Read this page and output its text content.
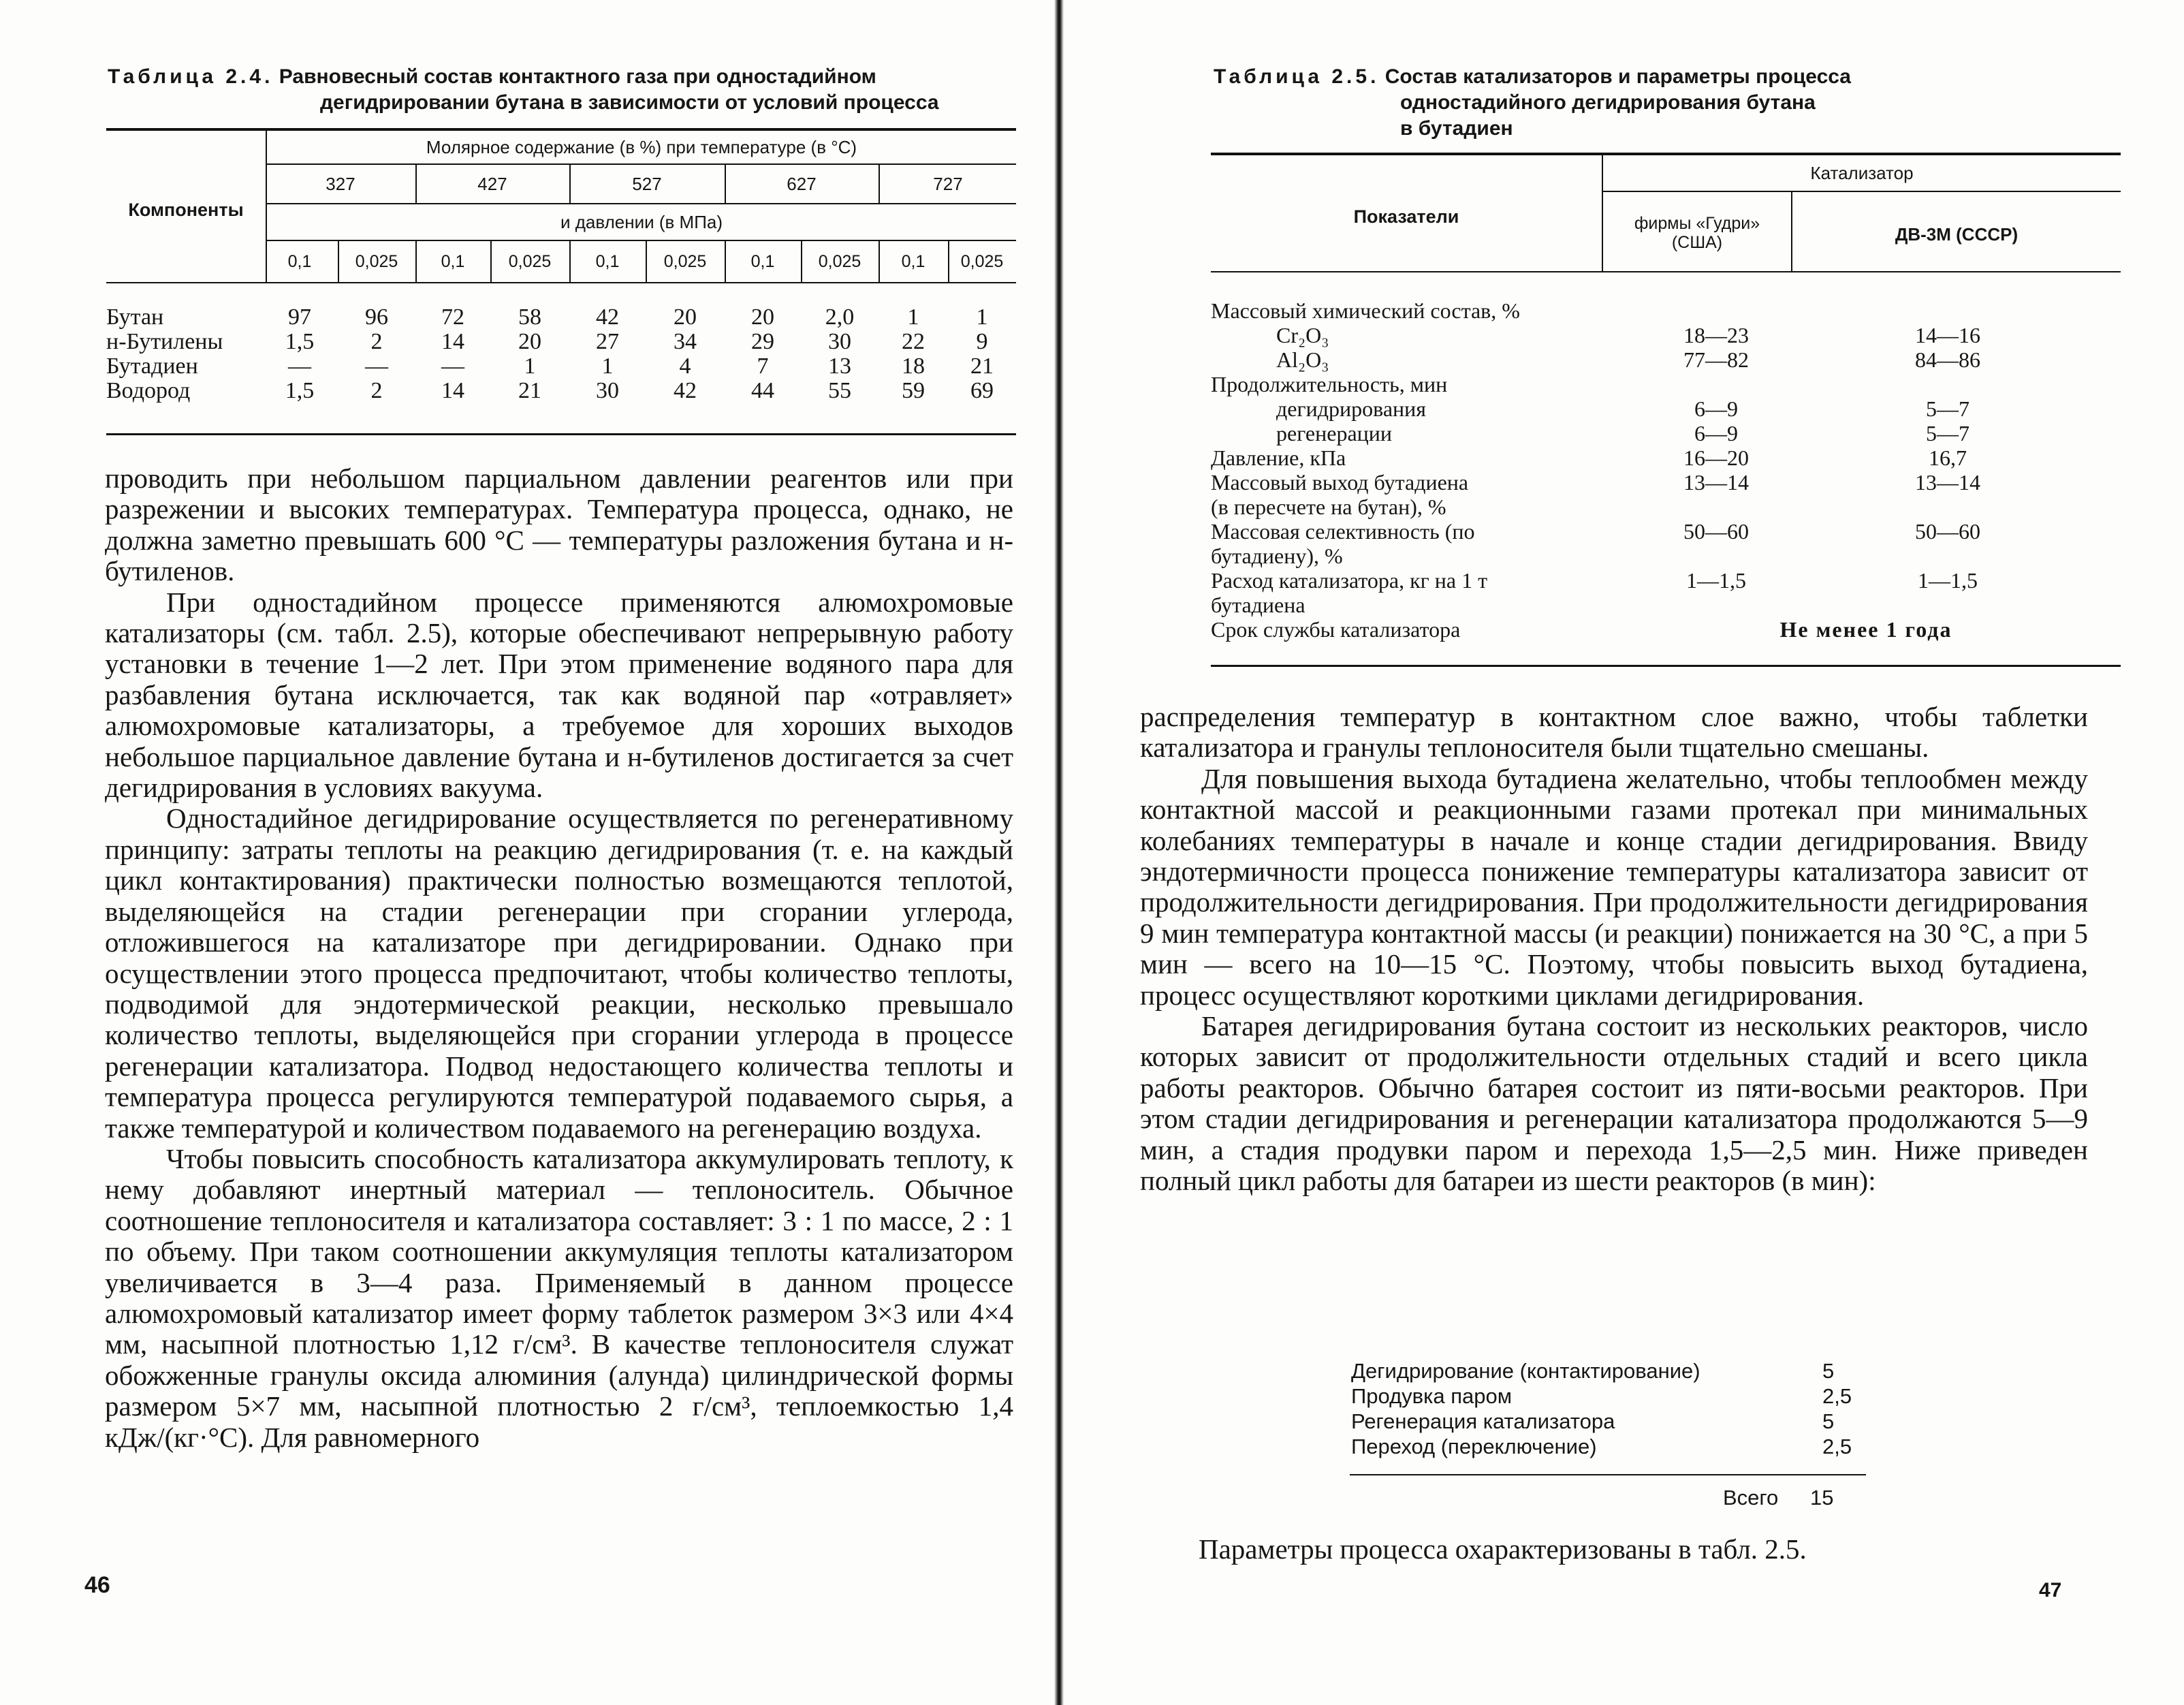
Таблица 2.4. Равновесный состав контактного газа при одностадийном
дегидрировании бутана в зависимости от условий процесса
Компоненты
Молярное содержание (в %) при температуре (в °С)
и давлении (в МПа)
327	427	527	627	727
0,1	0,025	0,1	0,025	0,1	0,025	0,1	0,025	0,1	0,025
Бутан	97	96	72	58	42	20	20	2,0	1	1
н-Бутилены	1,5	2	14	20	27	34	29	30	22	9
Бутадиен	—	—	—	1	1	4	7	13	18	21
Водород	1,5	2	14	21	30	42	44	55	59	69

проводить при небольшом парциальном давлении реагентов или при разрежении и высоких температурах. Температура процесса, однако, не должна заметно превышать 600 °С — температуры разложения бутана и н-бутиленов.

При одностадийном процессе применяются алюмохромовые катализаторы (см. табл. 2.5), которые обеспечивают непрерывную работу установки в течение 1—2 лет. При этом применение водяного пара для разбавления бутана исключается, так как водяной пар «отравляет» алюмохромовые катализаторы, а требуемое для хороших выходов небольшое парциальное давление бутана и н-бутиленов достигается за счет дегидрирования в условиях вакуума.

Одностадийное дегидрирование осуществляется по регенеративному принципу: затраты теплоты на реакцию дегидрирования (т. е. на каждый цикл контактирования) практически полностью возмещаются теплотой, выделяющейся на стадии регенерации при сгорании углерода, отложившегося на катализаторе при дегидрировании. Однако при осуществлении этого процесса предпочитают, чтобы количество теплоты, подводимой для эндотермической реакции, несколько превышало количество теплоты, выделяющейся при сгорании углерода в процессе регенерации катализатора. Подвод недостающего количества теплоты и температура процесса регулируются температурой подаваемого сырья, а также температурой и количеством подаваемого на регенерацию воздуха.

Чтобы повысить способность катализатора аккумулировать теплоту, к нему добавляют инертный материал — теплоноситель. Обычное соотношение теплоносителя и катализатора составляет: 3 : 1 по массе, 2 : 1 по объему. При таком соотношении аккумуляция теплоты катализатором увеличивается в 3—4 раза. Применяемый в данном процессе алюмохромовый катализатор имеет форму таблеток размером 3×3 или 4×4 мм, насыпной плотностью 1,12 г/см³. В качестве теплоносителя служат обожженные гранулы оксида алюминия (алунда) цилиндрической формы размером 5×7 мм, насыпной плотностью 2 г/см³, теплоемкостью 1,4 кДж/(кг·°С). Для равномерного

46
Таблица 2.5. Состав катализаторов и параметры процесса
одностадийного дегидрирования бутана
в бутадиен
Показатели
Катализатор
фирмы «Гудри» (США)	ДВ-3М (СССР)
Массовый химический состав, %
Cr₂O₃	18—23	14—16
Al₂O₃	77—82	84—86
Продолжительность, мин
дегидрирования	6—9	5—7
регенерации	6—9	5—7
Давление, кПа	16—20	16,7
Массовый выход бутадиена	13—14	13—14
(в пересчете на бутан), %
Массовая селективность (по	50—60	50—60
бутадиену), %
Расход катализатора, кг на 1 т	1—1,5	1—1,5
бутадиена
Срок службы катализатора	Не менее 1 года

распределения температур в контактном слое важно, чтобы таблетки катализатора и гранулы теплоносителя были тщательно смешаны.

Для повышения выхода бутадиена желательно, чтобы теплообмен между контактной массой и реакционными газами протекал при минимальных колебаниях температуры в начале и конце стадии дегидрирования. Ввиду эндотермичности процесса понижение температуры катализатора зависит от продолжительности дегидрирования. При продолжительности дегидрирования 9 мин температура контактной массы (и реакции) понижается на 30 °С, а при 5 мин — всего на 10—15 °С. Поэтому, чтобы повысить выход бутадиена, процесс осуществляют короткими циклами дегидрирования.

Батарея дегидрирования бутана состоит из нескольких реакторов, число которых зависит от продолжительности отдельных стадий и всего цикла работы реакторов. Обычно батарея состоит из пяти-восьми реакторов. При этом стадии дегидрирования и регенерации катализатора продолжаются 5—9 мин, а стадия продувки паром и перехода 1,5—2,5 мин. Ниже приведен полный цикл работы для батареи из шести реакторов (в мин):

Дегидрирование (контактирование)	5
Продувка паром	2,5
Регенерация катализатора	5
Переход (переключение)	2,5
Всего 15
Параметры процесса охарактеризованы в табл. 2.5.
47
